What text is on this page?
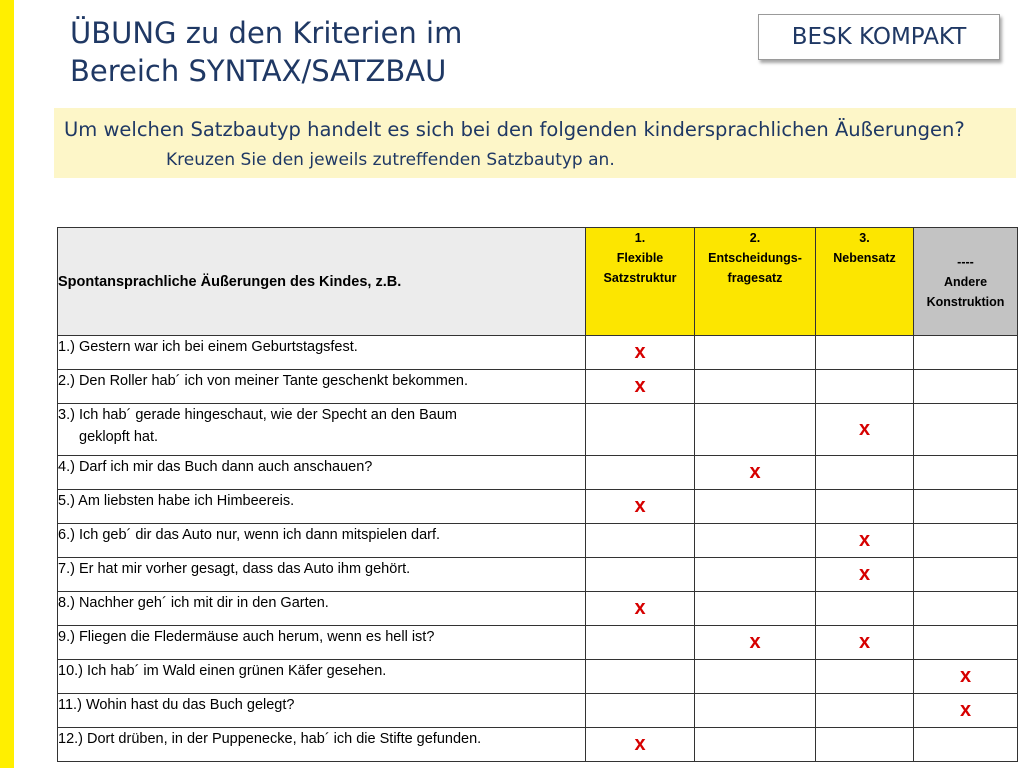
ÜBUNG zu den Kriterien im
Bereich SYNTAX/SATZBAU
BESK KOMPAKT

Um welchen Satzbautyp handelt es sich bei den folgenden kindersprachlichen Äußerungen?

Kreuzen Sie den jeweils zutreffenden Satzbautyp an.

Spontansprachliche Äußerungen des Kindes, z.B.	1.
Flexible
Satzstruktur	2.
Entscheidungs-
fragesatz	3.
Nebensatz	----
Andere
Konstruktion

1.) Gestern war ich bei einem Geburtstagsfest.	x			
2.) Den Roller hab´ ich von meiner Tante geschenkt bekommen.	x			
3.) Ich hab´ gerade hingeschaut, wie der Specht an den Baum
geklopft hat.			x	
4.) Darf ich mir das Buch dann auch anschauen?		x		
5.) Am liebsten habe ich Himbeereis.	x			
6.) Ich geb´ dir das Auto nur, wenn ich dann mitspielen darf.			x	
7.) Er hat mir vorher gesagt, dass das Auto ihm gehört.			x	
8.) Nachher geh´ ich mit dir in den Garten.	x			
9.) Fliegen die Fledermäuse auch herum, wenn es hell ist?		x	x	
10.) Ich hab´ im Wald einen grünen Käfer gesehen.				x
11.) Wohin hast du das Buch gelegt?				x
12.) Dort drüben, in der Puppenecke, hab´ ich die Stifte gefunden.	x			
